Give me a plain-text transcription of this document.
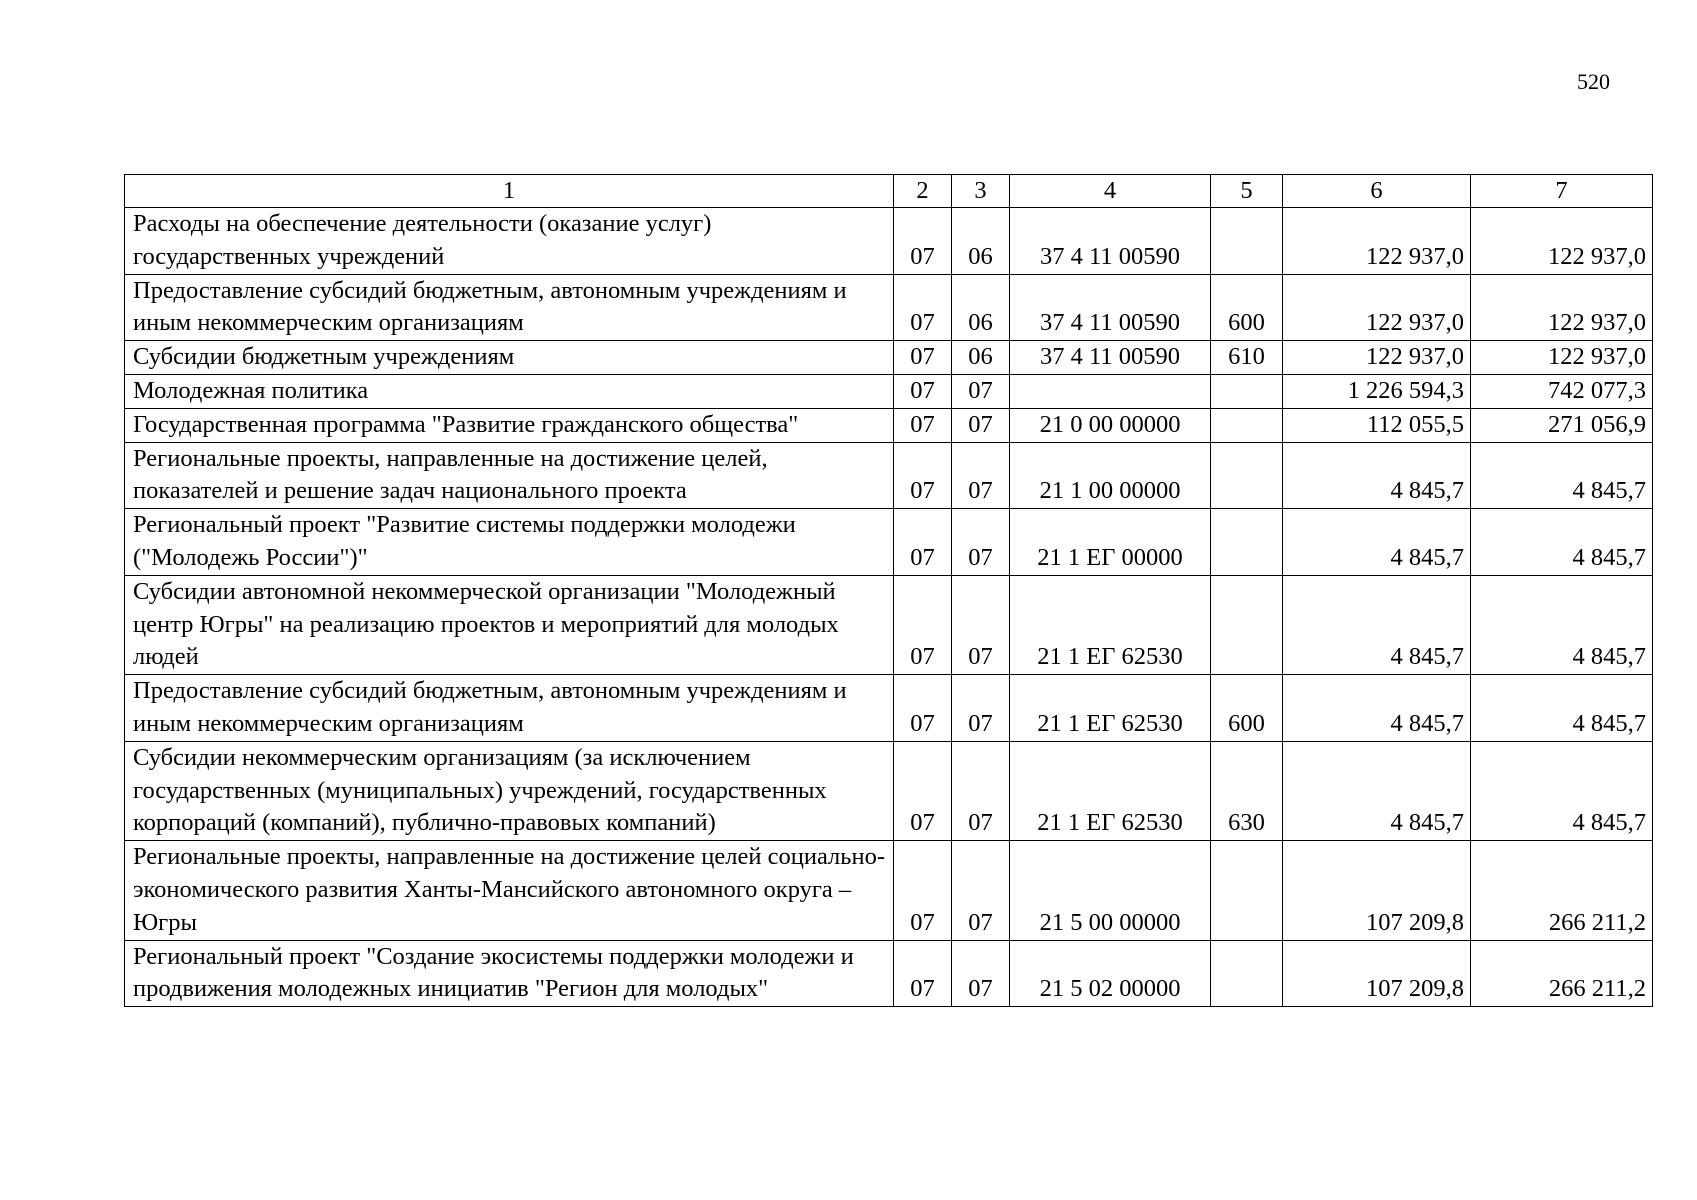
520
1	2	3	4	5	6	7
Расходы на обеспечение деятельности (оказание услуг) государственных учреждений	07	06	37 4 11 00590		122 937,0	122 937,0
Предоставление субсидий бюджетным, автономным учреждениям и иным некоммерческим организациям	07	06	37 4 11 00590	600	122 937,0	122 937,0
Субсидии бюджетным учреждениям	07	06	37 4 11 00590	610	122 937,0	122 937,0
Молодежная политика	07	07			1 226 594,3	742 077,3
Государственная программа "Развитие гражданского общества"	07	07	21 0 00 00000		112 055,5	271 056,9
Региональные проекты, направленные на достижение целей, показателей и решение задач национального проекта	07	07	21 1 00 00000		4 845,7	4 845,7
Региональный проект "Развитие системы поддержки молодежи ("Молодежь России")"	07	07	21 1 ЕГ 00000		4 845,7	4 845,7
Субсидии автономной некоммерческой организации "Молодежный центр Югры" на реализацию проектов и мероприятий для молодых людей	07	07	21 1 ЕГ 62530		4 845,7	4 845,7
Предоставление субсидий бюджетным, автономным учреждениям и иным некоммерческим организациям	07	07	21 1 ЕГ 62530	600	4 845,7	4 845,7
Субсидии некоммерческим организациям (за исключением государственных (муниципальных) учреждений, государственных корпораций (компаний), публично-правовых компаний)	07	07	21 1 ЕГ 62530	630	4 845,7	4 845,7
Региональные проекты, направленные на достижение целей социально-экономического развития Ханты-Мансийского автономного округа – Югры	07	07	21 5 00 00000		107 209,8	266 211,2
Региональный проект "Создание экосистемы поддержки молодежи и продвижения молодежных инициатив "Регион для молодых"	07	07	21 5 02 00000		107 209,8	266 211,2
